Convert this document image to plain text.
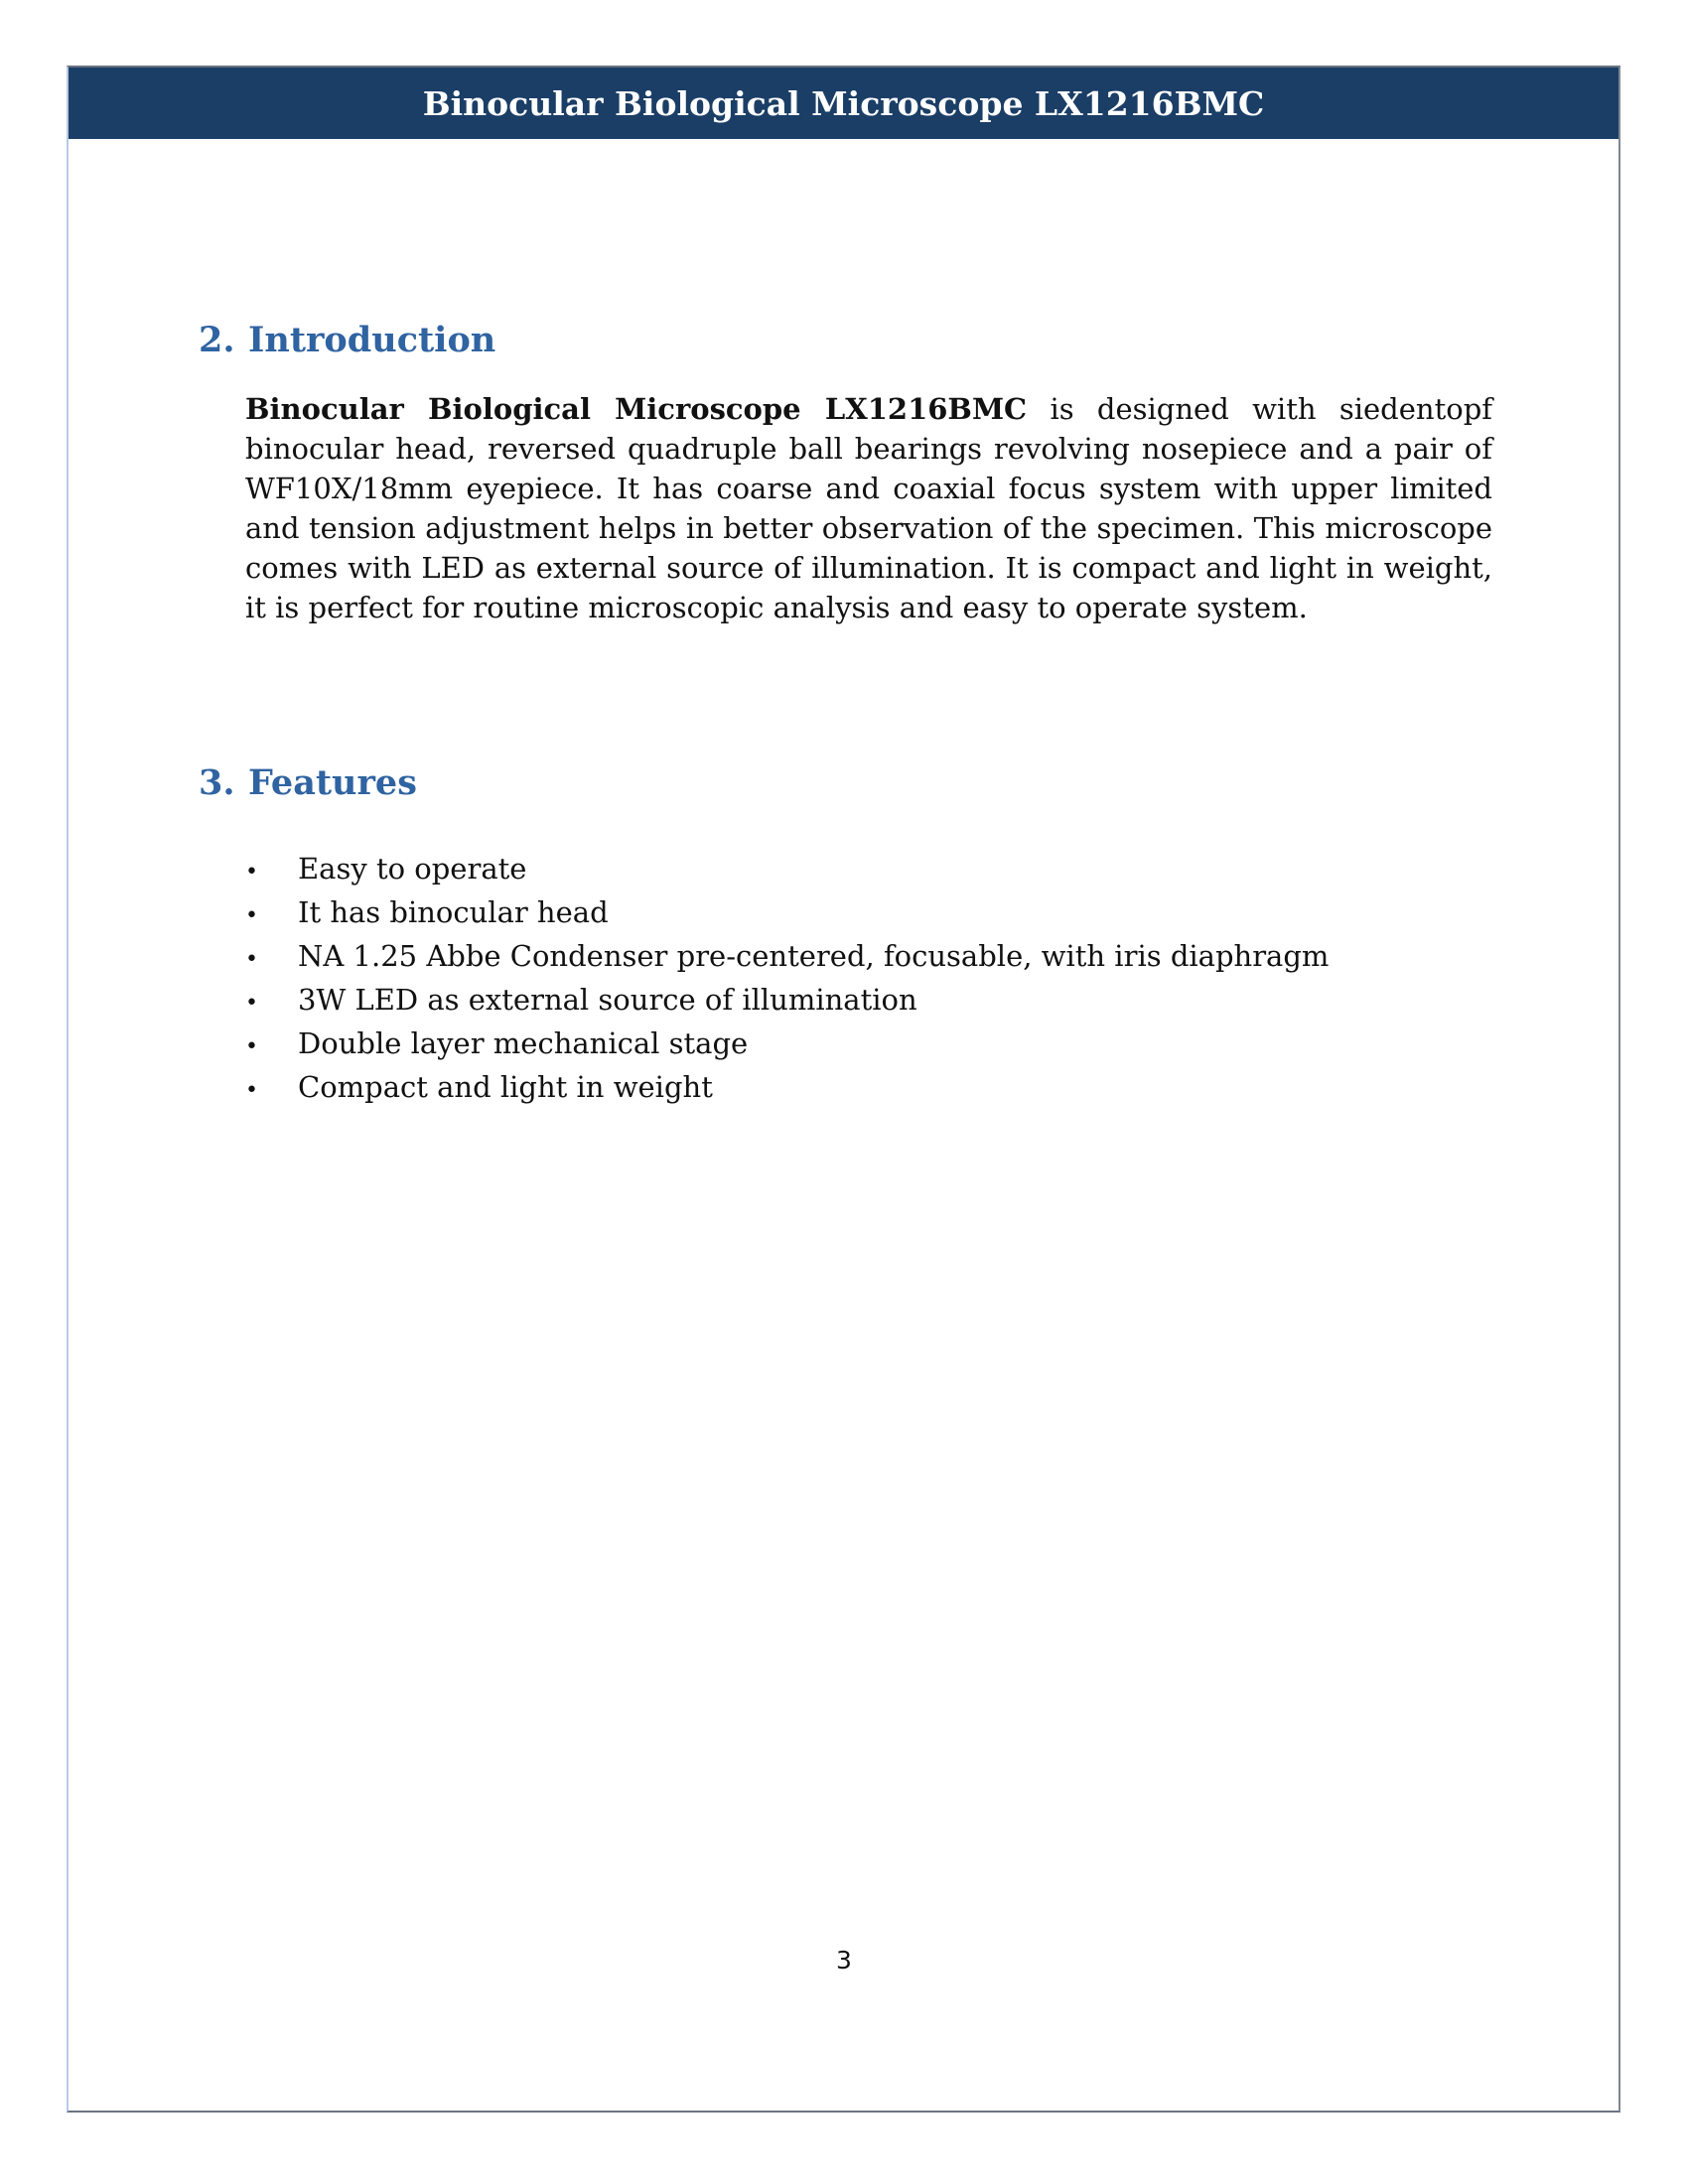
Binocular Biological Microscope LX1216BMC
2. Introduction

Binocular Biological Microscope LX1216BMC is designed with siedentopf binocular head, reversed quadruple ball bearings revolving nosepiece and a pair of WF10X/18mm eyepiece. It has coarse and coaxial focus system with upper limited and tension adjustment helps in better observation of the specimen. This microscope comes with LED as external source of illumination. It is compact and light in weight, it is perfect for routine microscopic analysis and easy to operate system.

3. Features
•	Easy to operate
•	It has binocular head
•	NA 1.25 Abbe Condenser pre-centered, focusable, with iris diaphragm
•	3W LED as external source of illumination
•	Double layer mechanical stage
•	Compact and light in weight
3
